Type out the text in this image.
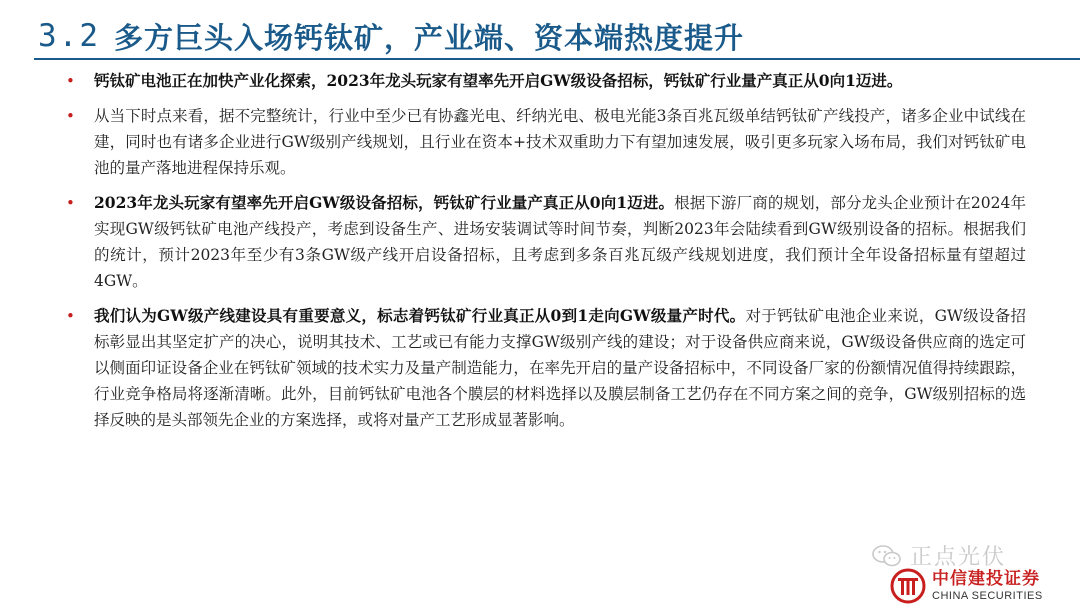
3.2 多方巨头入场钙钛矿，产业端、资本端热度提升
•	钙钛矿电池正在加快产业化探索，2023年龙头玩家有望率先开启GW级设备招标，钙钛矿行业量产真正从0向1迈进。
•	从当下时点来看，据不完整统计，行业中至少已有协鑫光电、纤纳光电、极电光能3条百兆瓦级单结钙钛矿产线投产，诸多企业中试线在建，同时也有诸多企业进行GW级别产线规划，且行业在资本+技术双重助力下有望加速发展，吸引更多玩家入场布局，我们对钙钛矿电池的量产落地进程保持乐观。
•	2023年龙头玩家有望率先开启GW级设备招标，钙钛矿行业量产真正从0向1迈进。根据下游厂商的规划，部分龙头企业预计在2024年实现GW级钙钛矿电池产线投产，考虑到设备生产、进场安装调试等时间节奏，判断2023年会陆续看到GW级别设备的招标。根据我们的统计，预计2023年至少有3条GW级产线开启设备招标，且考虑到多条百兆瓦级产线规划进度，我们预计全年设备招标量有望超过4GW。
•	我们认为GW级产线建设具有重要意义，标志着钙钛矿行业真正从0到1走向GW级量产时代。对于钙钛矿电池企业来说，GW级设备招标彰显出其坚定扩产的决心，说明其技术、工艺或已有能力支撑GW级别产线的建设；对于设备供应商来说，GW级设备供应商的选定可以侧面印证设备企业在钙钛矿领域的技术实力及量产制造能力，在率先开启的量产设备招标中，不同设备厂家的份额情况值得持续跟踪，行业竞争格局将逐渐清晰。此外，目前钙钛矿电池各个膜层的材料选择以及膜层制备工艺仍存在不同方案之间的竞争，GW级别招标的选择反映的是头部领先企业的方案选择，或将对量产工艺形成显著影响。
正点光伏
中信建投证券
CHINA SECURITIES
